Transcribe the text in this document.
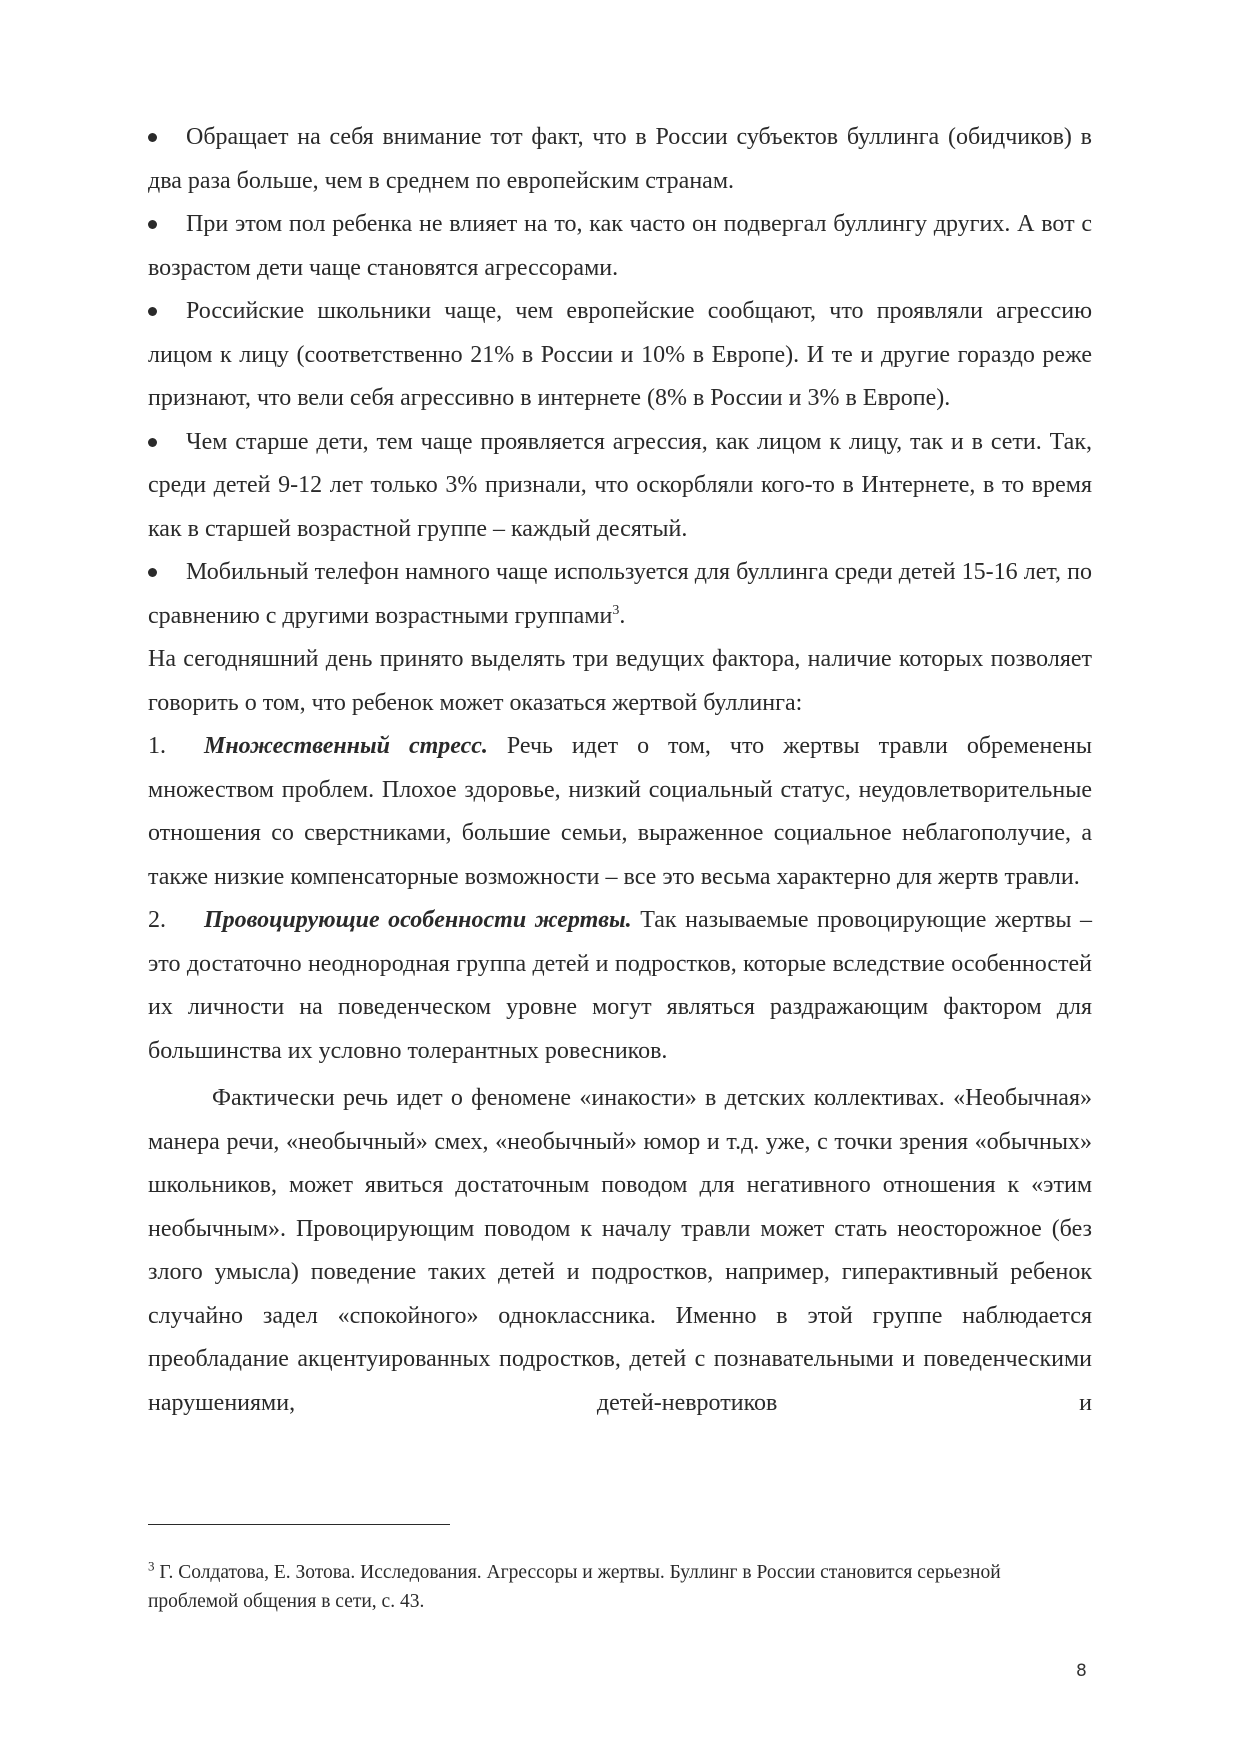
Обращает на себя внимание тот факт, что в России субъектов буллинга (обидчиков) в два раза больше, чем в среднем по европейским странам.

При этом пол ребенка не влияет на то, как часто он подвергал буллингу других. А вот с возрастом дети чаще становятся агрессорами.

Российские школьники чаще, чем европейские сообщают, что проявляли агрессию лицом к лицу (соответственно 21% в России и 10% в Европе). И те и другие гораздо реже признают, что вели себя агрессивно в интернете (8% в России и 3% в Европе).

Чем старше дети, тем чаще проявляется агрессия, как лицом к лицу, так и в сети. Так, среди детей 9-12 лет только 3% признали, что оскорбляли кого-то в Интернете, в то время как в старшей возрастной группе – каждый десятый.

Мобильный телефон намного чаще используется для буллинга среди детей 15-16 лет, по сравнению с другими возрастными группами$^3$.

На сегодняшний день принято выделять три ведущих фактора, наличие которых позволяет говорить о том, что ребенок может оказаться жертвой буллинга:

1. Множественный стресс. Речь идет о том, что жертвы травли обременены множеством проблем. Плохое здоровье, низкий социальный статус, неудовлетворительные отношения со сверстниками, большие семьи, выраженное социальное неблагополучие, а также низкие компенсаторные возможности – все это весьма характерно для жертв травли.

2. Провоцирующие особенности жертвы. Так называемые провоцирующие жертвы – это достаточно неоднородная группа детей и подростков, которые вследствие особенностей их личности на поведенческом уровне могут являться раздражающим фактором для большинства их условно толерантных ровесников.

Фактически речь идет о феномене «инакости» в детских коллективах. «Необычная» манера речи, «необычный» смех, «необычный» юмор и т.д. уже, с точки зрения «обычных» школьников, может явиться достаточным поводом для негативного отношения к «этим необычным». Провоцирующим поводом к началу травли может стать неосторожное (без злого умысла) поведение таких детей и подростков, например, гиперактивный ребенок случайно задел «спокойного» одноклассника. Именно в этой группе наблюдается преобладание акцентуированных подростков, детей с познавательными и поведенческими нарушениями, детей-невротиков и

$^3$ Г. Солдатова, Е. Зотова. Исследования. Агрессоры и жертвы. Буллинг в России становится серьезной проблемой общения в сети, с. 43.

8
